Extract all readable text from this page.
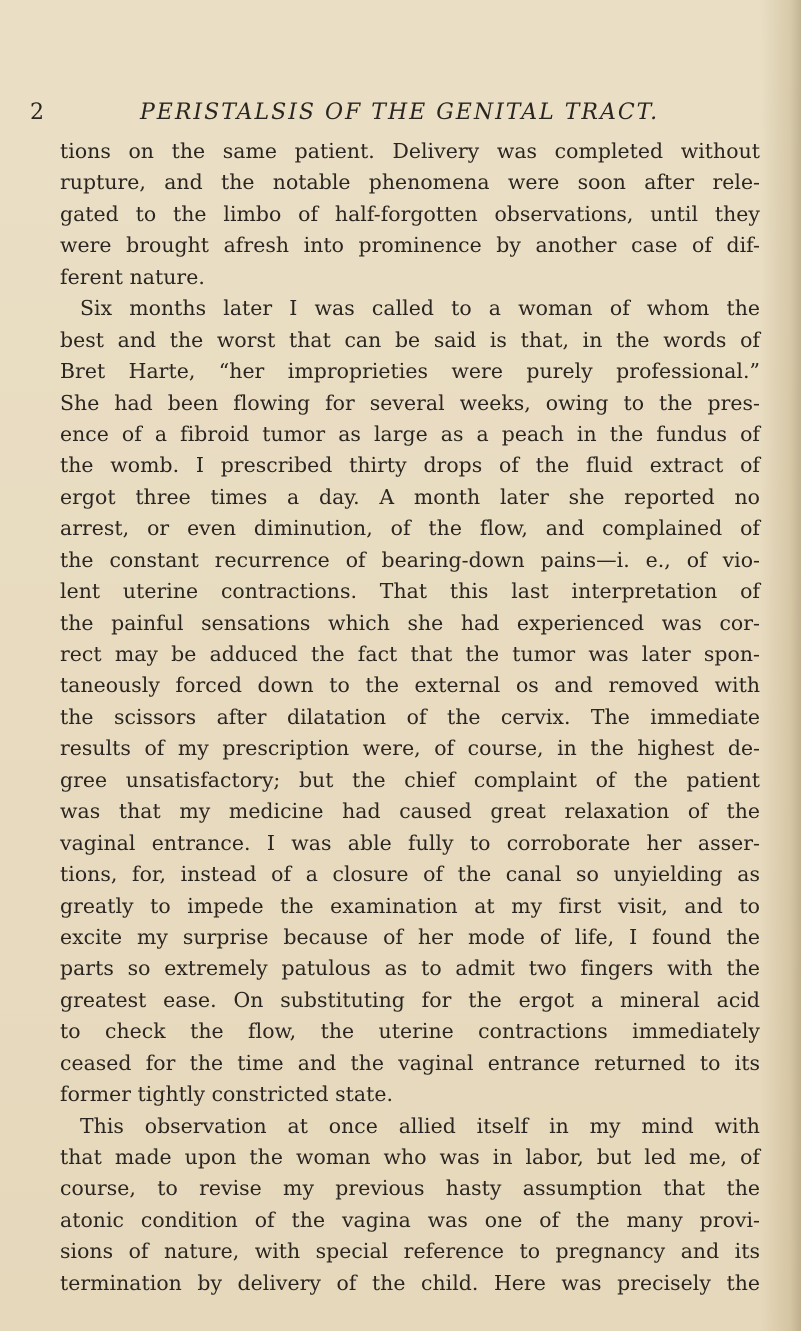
2	PERISTALSIS OF THE GENITAL TRACT.
tions on the same patient. Delivery was completed without
rupture, and the notable phenomena were soon after rele-
gated to the limbo of half-forgotten observations, until they
were brought afresh into prominence by another case of dif-
ferent nature.
Six months later I was called to a woman of whom the
best and the worst that can be said is that, in the words of
Bret Harte, “her improprieties were purely professional.”
She had been flowing for several weeks, owing to the pres-
ence of a fibroid tumor as large as a peach in the fundus of
the womb. I prescribed thirty drops of the fluid extract of
ergot three times a day. A month later she reported no
arrest, or even diminution, of the flow, and complained of
the constant recurrence of bearing-down pains—i. e., of vio-
lent uterine contractions. That this last interpretation of
the painful sensations which she had experienced was cor-
rect may be adduced the fact that the tumor was later spon-
taneously forced down to the external os and removed with
the scissors after dilatation of the cervix. The immediate
results of my prescription were, of course, in the highest de-
gree unsatisfactory; but the chief complaint of the patient
was that my medicine had caused great relaxation of the
vaginal entrance. I was able fully to corroborate her asser-
tions, for, instead of a closure of the canal so unyielding as
greatly to impede the examination at my first visit, and to
excite my surprise because of her mode of life, I found the
parts so extremely patulous as to admit two fingers with the
greatest ease. On substituting for the ergot a mineral acid
to check the flow, the uterine contractions immediately
ceased for the time and the vaginal entrance returned to its
former tightly constricted state.
This observation at once allied itself in my mind with
that made upon the woman who was in labor, but led me, of
course, to revise my previous hasty assumption that the
atonic condition of the vagina was one of the many provi-
sions of nature, with special reference to pregnancy and its
termination by delivery of the child. Here was precisely the
